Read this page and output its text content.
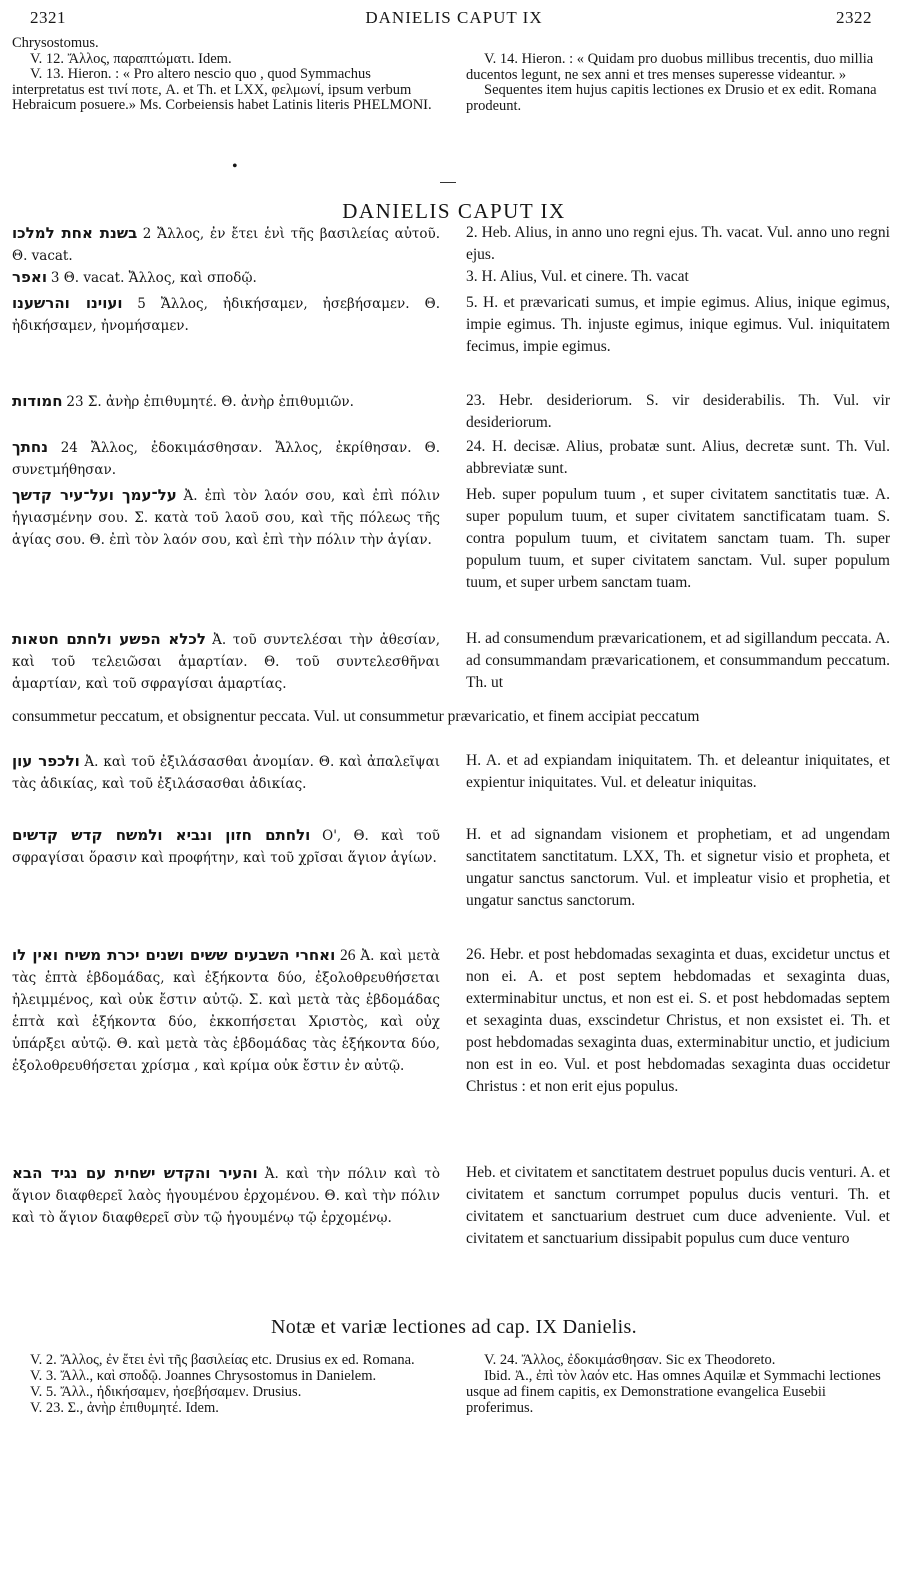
2321	DANIELIS CAPUT IX	2322

Chrysostomus.

V. 12. Ἄλλος, παραπτώματι. Idem.

V. 13. Hieron. : « Pro altero nescio quo , quod Symmachus interpretatus est τινί ποτε, A. et Th. et LXX, φελμωνί, ipsum verbum Hebraicum posuere.» Ms. Corbeiensis habet Latinis literis PHELMONI.

V. 14. Hieron. : « Quidam pro duobus millibus trecentis, duo millia ducentos legunt, ne sex anni et tres menses superesse videantur. »

Sequentes item hujus capitis lectiones ex Drusio et ex edit. Romana prodeunt.

•
DANIELIS CAPUT IX
בשנת אחת למלכו 2 Ἄλλος, ἐν ἔτει ἑνὶ τῆς βασιλείας αὐτοῦ. Θ. vacat.
ואפר 3 Θ. vacat. Ἄλλος, καὶ σποδῷ.
ועוינו והרשענו 5 Ἄλλος, ἠδικήσαμεν, ἠσεβήσαμεν. Θ. ἠδικήσαμεν, ἠνομήσαμεν.
חמודות 23 Σ. ἀνὴρ ἐπιθυμητέ. Θ. ἀνὴρ ἐπιθυμιῶν.
נחתך 24 Ἄλλος, ἐδοκιμάσθησαν. Ἄλλος, ἐκρίθησαν. Θ. συνετμήθησαν.
על־עמך ועל־עיר קדשך Ἀ. ἐπὶ τὸν λαόν σου, καὶ ἐπὶ πόλιν ἡγιασμένην σου. Σ. κατὰ τοῦ λαοῦ σου, καὶ τῆς πόλεως τῆς ἁγίας σου. Θ. ἐπὶ τὸν λαόν σου, καὶ ἐπὶ τὴν πόλιν τὴν ἁγίαν.
לכלא הפשע ולחתם חטאות Ἀ. τοῦ συντελέσαι τὴν ἀθεσίαν, καὶ τοῦ τελειῶσαι ἁμαρτίαν. Θ. τοῦ συντελεσθῆναι ἁμαρτίαν, καὶ τοῦ σφραγίσαι ἁμαρτίας.
consummetur peccatum, et obsignentur peccata. Vul. ut consummetur prævaricatio, et finem accipiat peccatum
ולכפר עון Ἀ. καὶ τοῦ ἐξιλάσασθαι ἀνομίαν. Θ. καὶ ἀπαλεῖψαι τὰς ἀδικίας, καὶ τοῦ ἐξιλάσασθαι ἀδικίας.
ולחתם חזון ונביא ולמשח קדש קדשים Ο', Θ. καὶ τοῦ σφραγίσαι ὅρασιν καὶ προφήτην, καὶ τοῦ χρῖσαι ἅγιον ἁγίων.
ואחרי השבעים ששים ושנים יכרת משיח ואין לו 26 Ἀ. καὶ μετὰ τὰς ἑπτὰ ἑβδομάδας, καὶ ἑξήκοντα δύο, ἐξολοθρευθήσεται ἠλειμμένος, καὶ οὐκ ἔστιν αὐτῷ. Σ. καὶ μετὰ τὰς ἑβδομάδας ἑπτὰ καὶ ἑξήκοντα δύο, ἐκκοπήσεται Χριστὸς, καὶ οὐχ ὑπάρξει αὐτῷ. Θ. καὶ μετὰ τὰς ἑβδομάδας τὰς ἑξήκοντα δύο, ἐξολοθρευθήσεται χρίσμα , καὶ κρίμα οὐκ ἔστιν ἐν αὐτῷ.
והעיר והקדש ישחית עם נגיד הבא Ἀ. καὶ τὴν πόλιν καὶ τὸ ἅγιον διαφθερεῖ λαὸς ἡγουμένου ἐρχομένου. Θ. καὶ τὴν πόλιν καὶ τὸ ἅγιον διαφθερεῖ σὺν τῷ ἡγουμένῳ τῷ ἐρχομένῳ.
2. Heb. Alius, in anno uno regni ejus. Th. vacat. Vul. anno uno regni ejus.
3. H. Alius, Vul. et cinere. Th. vacat
5. H. et prævaricati sumus, et impie egimus. Alius, inique egimus, impie egimus. Th. injuste egimus, inique egimus. Vul. iniquitatem fecimus, impie egimus.
23. Hebr. desideriorum. S. vir desiderabilis. Th. Vul. vir desideriorum.
24. H. decisæ. Alius, probatæ sunt. Alius, decretæ sunt. Th. Vul. abbreviatæ sunt.
Heb. super populum tuum , et super civitatem sanctitatis tuæ. A. super populum tuum, et super civitatem sanctificatam tuam. S. contra populum tuum, et civitatem sanctam tuam. Th. super populum tuum, et super civitatem sanctam. Vul. super populum tuum, et super urbem sanctam tuam.
H. ad consumendum prævaricationem, et ad sigillandum peccata. A. ad consummandam prævaricationem, et consummandum peccatum. Th. ut
H. A. et ad expiandam iniquitatem. Th. et deleantur iniquitates, et expientur iniquitates. Vul. et deleatur iniquitas.
H. et ad signandam visionem et prophetiam, et ad ungendam sanctitatem sanctitatum. LXX, Th. et signetur visio et propheta, et ungatur sanctus sanctorum. Vul. et impleatur visio et prophetia, et ungatur sanctus sanctorum.
26. Hebr. et post hebdomadas sexaginta et duas, excidetur unctus et non ei. A. et post septem hebdomadas et sexaginta duas, exterminabitur unctus, et non est ei. S. et post hebdomadas septem et sexaginta duas, exscindetur Christus, et non exsistet ei. Th. et post hebdomadas sexaginta duas, exterminabitur unctio, et judicium non est in eo. Vul. et post hebdomadas sexaginta duas occidetur Christus : et non erit ejus populus.
Heb. et civitatem et sanctitatem destruet populus ducis venturi. A. et civitatem et sanctum corrumpet populus ducis venturi. Th. et civitatem et sanctuarium destruet cum duce adveniente. Vul. et civitatem et sanctuarium dissipabit populus cum duce venturo
Notæ et variæ lectiones ad cap. IX Danielis.

V. 2. Ἄλλος, ἐν ἔτει ἑνὶ τῆς βασιλείας etc. Drusius ex ed. Romana.

V. 3. Ἄλλ., καὶ σποδῷ. Joannes Chrysostomus in Danielem.

V. 5. Ἄλλ., ἠδικήσαμεν, ἠσεβήσαμεν. Drusius.

V. 23. Σ., ἀνὴρ ἐπιθυμητέ. Idem.

V. 24. Ἄλλος, ἐδοκιμάσθησαν. Sic ex Theodoreto.

Ibid. Ἀ., ἐπὶ τὸν λαόν etc. Has omnes Aquilæ et Symmachi lectiones usque ad finem capitis, ex Demonstratione evangelica Eusebii proferimus.
